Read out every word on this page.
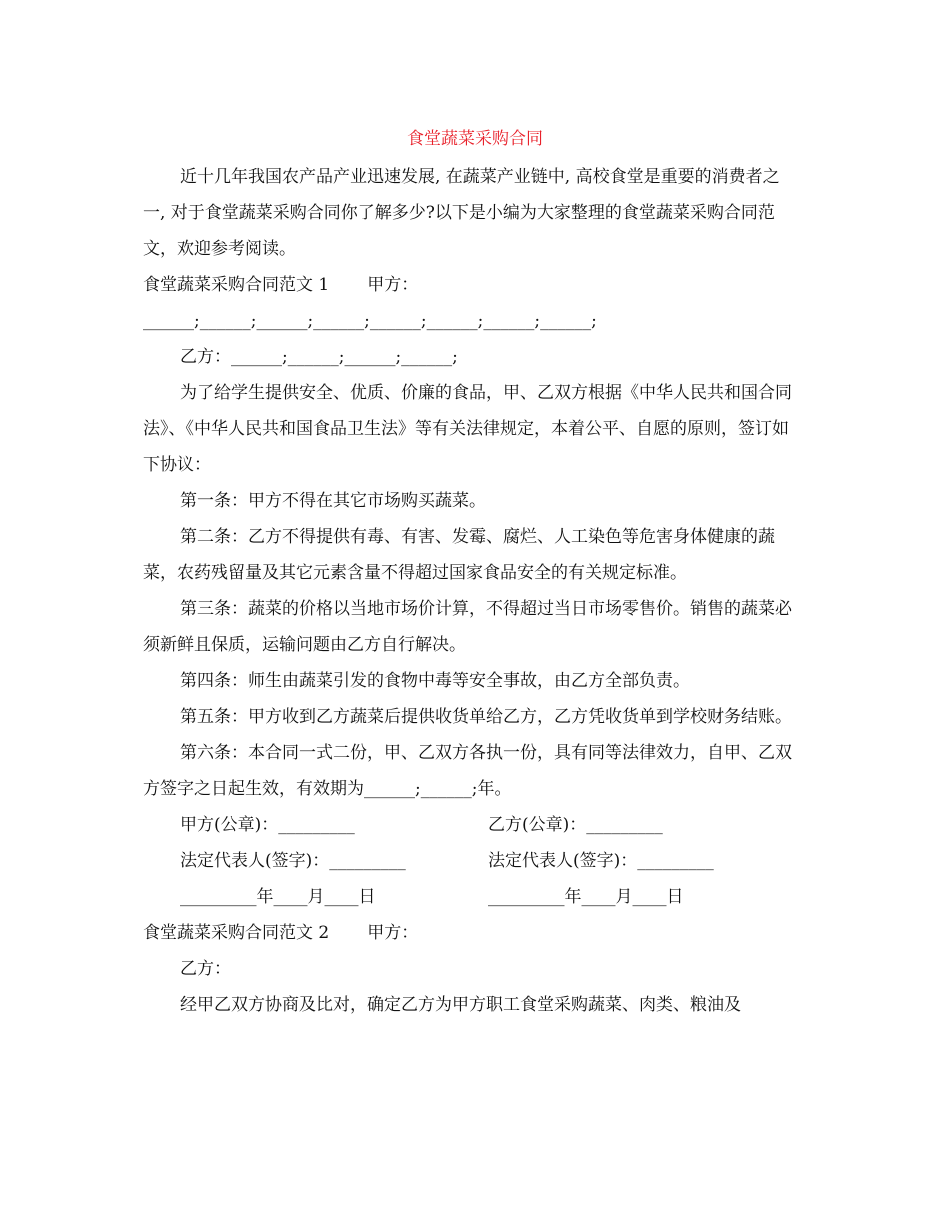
食堂蔬菜采购合同

近十几年我国农产品产业迅速发展, 在蔬菜产业链中, 高校食堂是重要的消费者之一, 对于食堂蔬菜采购合同你了解多少?以下是小编为大家整理的食堂蔬菜采购合同范文，欢迎参考阅读。

食堂蔬菜采购合同范文 1 甲方：

______;______;______;______;______;______;______;______;

乙方：______;______;______;______;

为了给学生提供安全、优质、价廉的食品，甲、乙双方根据《中华人民共和国合同法》、《中华人民共和国食品卫生法》等有关法律规定，本着公平、自愿的原则，签订如下协议：

第一条：甲方不得在其它市场购买蔬菜。

第二条：乙方不得提供有毒、有害、发霉、腐烂、人工染色等危害身体健康的蔬菜，农药残留量及其它元素含量不得超过国家食品安全的有关规定标准。

第三条：蔬菜的价格以当地市场价计算，不得超过当日市场零售价。销售的蔬菜必须新鲜且保质，运输问题由乙方自行解决。

第四条：师生由蔬菜引发的食物中毒等安全事故，由乙方全部负责。

第五条：甲方收到乙方蔬菜后提供收货单给乙方，乙方凭收货单到学校财务结账。

第六条：本合同一式二份，甲、乙双方各执一份，具有同等法律效力，自甲、乙双方签字之日起生效，有效期为______;______;年。

甲方(公章)：_________	乙方(公章)：_________
法定代表人(签字)：_________	法定代表人(签字)：_________
_________年____月____日	_________年____月____日

食堂蔬菜采购合同范文 2 甲方：

乙方：

经甲乙双方协商及比对，确定乙方为甲方职工食堂采购蔬菜、肉类、粮油及
